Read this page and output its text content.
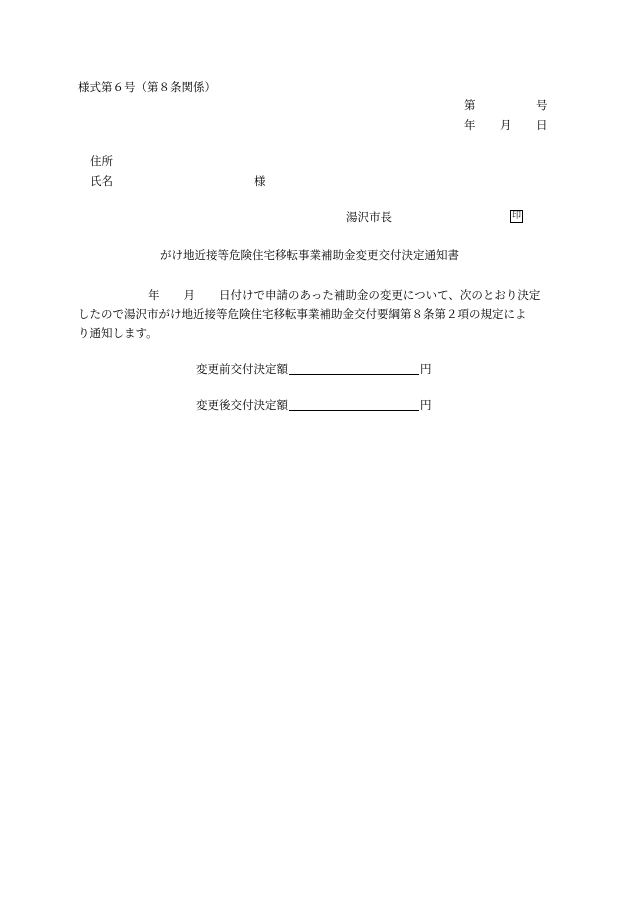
様式第６号（第８条関係）
第	号
年 月 日
住所
氏名	様
湯沢市長	印
がけ地近接等危険住宅移転事業補助金変更交付決定通知書
年 月 日付けで申請のあった補助金の変更について、次のとおり決定
したので湯沢市がけ地近接等危険住宅移転事業補助金交付要綱第８条第２項の規定によ
り通知します。
変更前交付決定額	円
変更後交付決定額	円
